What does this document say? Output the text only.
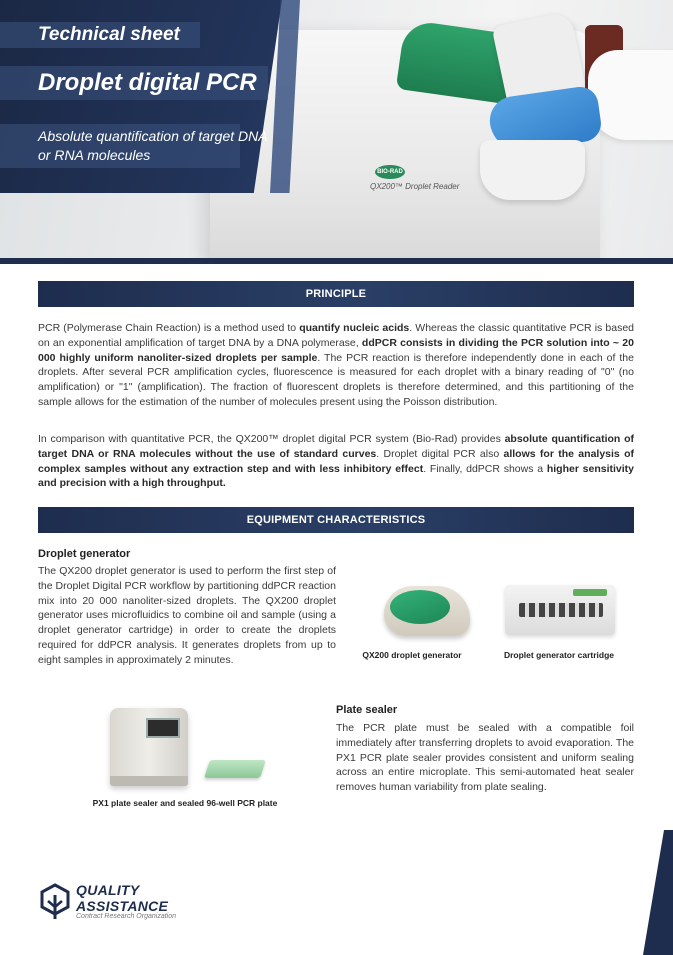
BIO-RAD
QX200™ Droplet Reader
Technical sheet
Droplet digital PCR
Absolute quantification of target DNA or RNA molecules
PRINCIPLE

PCR (Polymerase Chain Reaction) is a method used to quantify nucleic acids. Whereas the classic quantitative PCR is based on an exponential amplification of target DNA by a DNA polymerase, ddPCR consists in dividing the PCR solution into ~ 20 000 highly uniform nanoliter-sized droplets per sample. The PCR reaction is therefore independently done in each of the droplets. After several PCR amplification cycles, fluorescence is measured for each droplet with a binary reading of "0" (no amplification) or "1" (amplification). The fraction of fluorescent droplets is therefore determined, and this partitioning of the sample allows for the estimation of the number of molecules present using the Poisson distribution.

In comparison with quantitative PCR, the QX200™ droplet digital PCR system (Bio-Rad) provides absolute quantification of target DNA or RNA molecules without the use of standard curves. Droplet digital PCR also allows for the analysis of complex samples without any extraction step and with less inhibitory effect. Finally, ddPCR shows a higher sensitivity and precision with a high throughput.

EQUIPMENT CHARACTERISTICS
Droplet generator

The QX200 droplet generator is used to perform the first step of the Droplet Digital PCR workflow by partitioning ddPCR reaction mix into 20 000 nanoliter-sized droplets. The QX200 droplet generator uses microfluidics to combine oil and sample (using a droplet generator cartridge) in order to create the droplets required for ddPCR analysis. It generates droplets from up to eight samples in approximately 2 minutes.	QX200 droplet generator	Droplet generator cartridge
PX1 plate sealer and sealed 96-well PCR plate
Plate sealer

The PCR plate must be sealed with a compatible foil immediately after transferring droplets to avoid evaporation. The PX1 PCR plate sealer provides consistent and uniform sealing across an entire microplate. This semi-automated heat sealer removes human variability from plate sealing.

QUALITY
ASSISTANCE
Contract Research Organization
